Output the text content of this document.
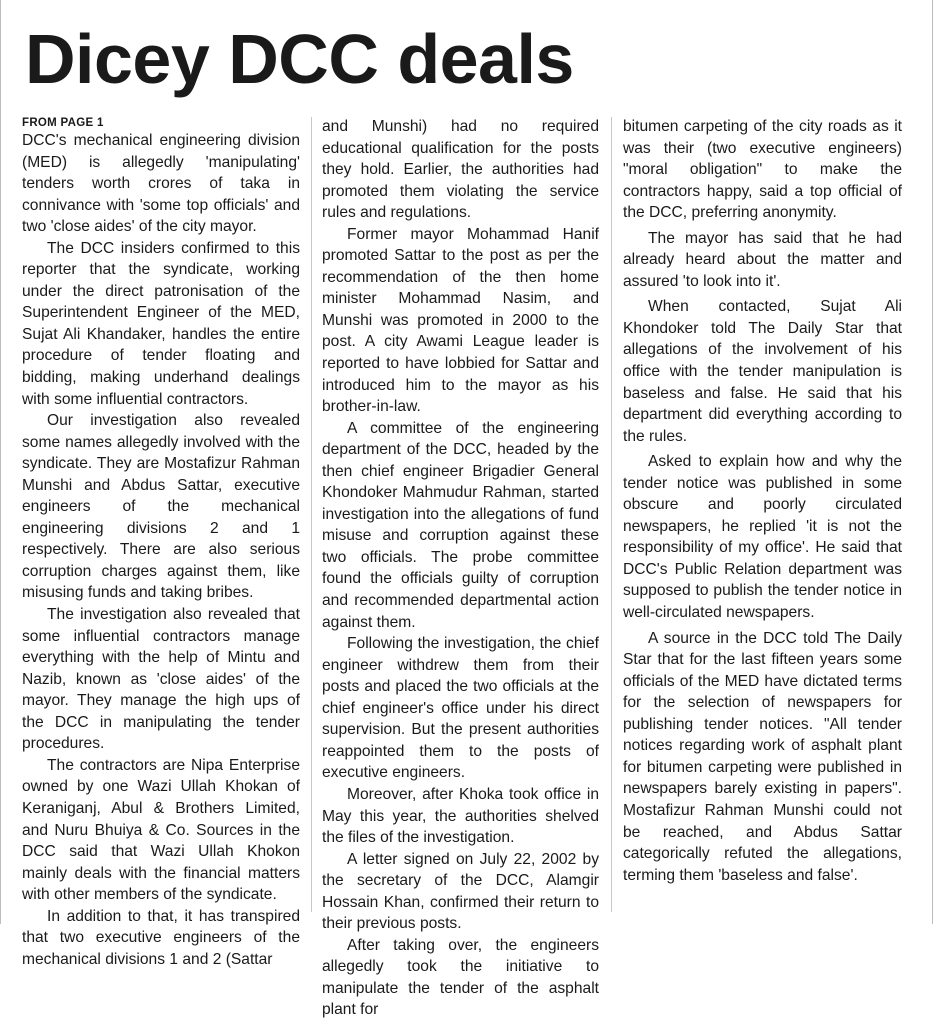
Dicey DCC deals
FROM PAGE 1

DCC's mechanical engineering division (MED) is allegedly 'manipulating' tenders worth crores of taka in connivance with 'some top officials' and two 'close aides' of the city mayor.

The DCC insiders confirmed to this reporter that the syndicate, working under the direct patronisation of the Superintendent Engineer of the MED, Sujat Ali Khandaker, handles the entire procedure of tender floating and bidding, making underhand dealings with some influential contractors.

Our investigation also revealed some names allegedly involved with the syndicate. They are Mostafizur Rahman Munshi and Abdus Sattar, executive engineers of the mechanical engineering divisions 2 and 1 respectively. There are also serious corruption charges against them, like misusing funds and taking bribes.

The investigation also revealed that some influential contractors manage everything with the help of Mintu and Nazib, known as 'close aides' of the mayor. They manage the high ups of the DCC in manipulating the tender procedures.

The contractors are Nipa Enterprise owned by one Wazi Ullah Khokan of Keraniganj, Abul & Brothers Limited, and Nuru Bhuiya & Co. Sources in the DCC said that Wazi Ullah Khokon mainly deals with the financial matters with other members of the syndicate.

In addition to that, it has transpired that two executive engineers of the mechanical divisions 1 and 2 (Sattar

and Munshi) had no required educational qualification for the posts they hold. Earlier, the authorities had promoted them violating the service rules and regulations.

Former mayor Mohammad Hanif promoted Sattar to the post as per the recommendation of the then home minister Mohammad Nasim, and Munshi was promoted in 2000 to the post. A city Awami League leader is reported to have lobbied for Sattar and introduced him to the mayor as his brother-in-law.

A committee of the engineering department of the DCC, headed by the then chief engineer Brigadier General Khondoker Mahmudur Rahman, started investigation into the allegations of fund misuse and corruption against these two officials. The probe committee found the officials guilty of corruption and recommended departmental action against them.

Following the investigation, the chief engineer withdrew them from their posts and placed the two officials at the chief engineer's office under his direct supervision. But the present authorities reappointed them to the posts of executive engineers.

Moreover, after Khoka took office in May this year, the authorities shelved the files of the investigation.

A letter signed on July 22, 2002 by the secretary of the DCC, Alamgir Hossain Khan, confirmed their return to their previous posts.

After taking over, the engineers allegedly took the initiative to manipulate the tender of the asphalt plant for

bitumen carpeting of the city roads as it was their (two executive engineers) "moral obligation" to make the contractors happy, said a top official of the DCC, preferring anonymity.

The mayor has said that he had already heard about the matter and assured 'to look into it'.

When contacted, Sujat Ali Khondoker told The Daily Star that allegations of the involvement of his office with the tender manipulation is baseless and false. He said that his department did everything according to the rules.

Asked to explain how and why the tender notice was published in some obscure and poorly circulated newspapers, he replied 'it is not the responsibility of my office'. He said that DCC's Public Relation department was supposed to publish the tender notice in well-circulated newspapers.

A source in the DCC told The Daily Star that for the last fifteen years some officials of the MED have dictated terms for the selection of newspapers for publishing tender notices. "All tender notices regarding work of asphalt plant for bitumen carpeting were published in newspapers barely existing in papers". Mostafizur Rahman Munshi could not be reached, and Abdus Sattar categorically refuted the allegations, terming them 'baseless and false'.
